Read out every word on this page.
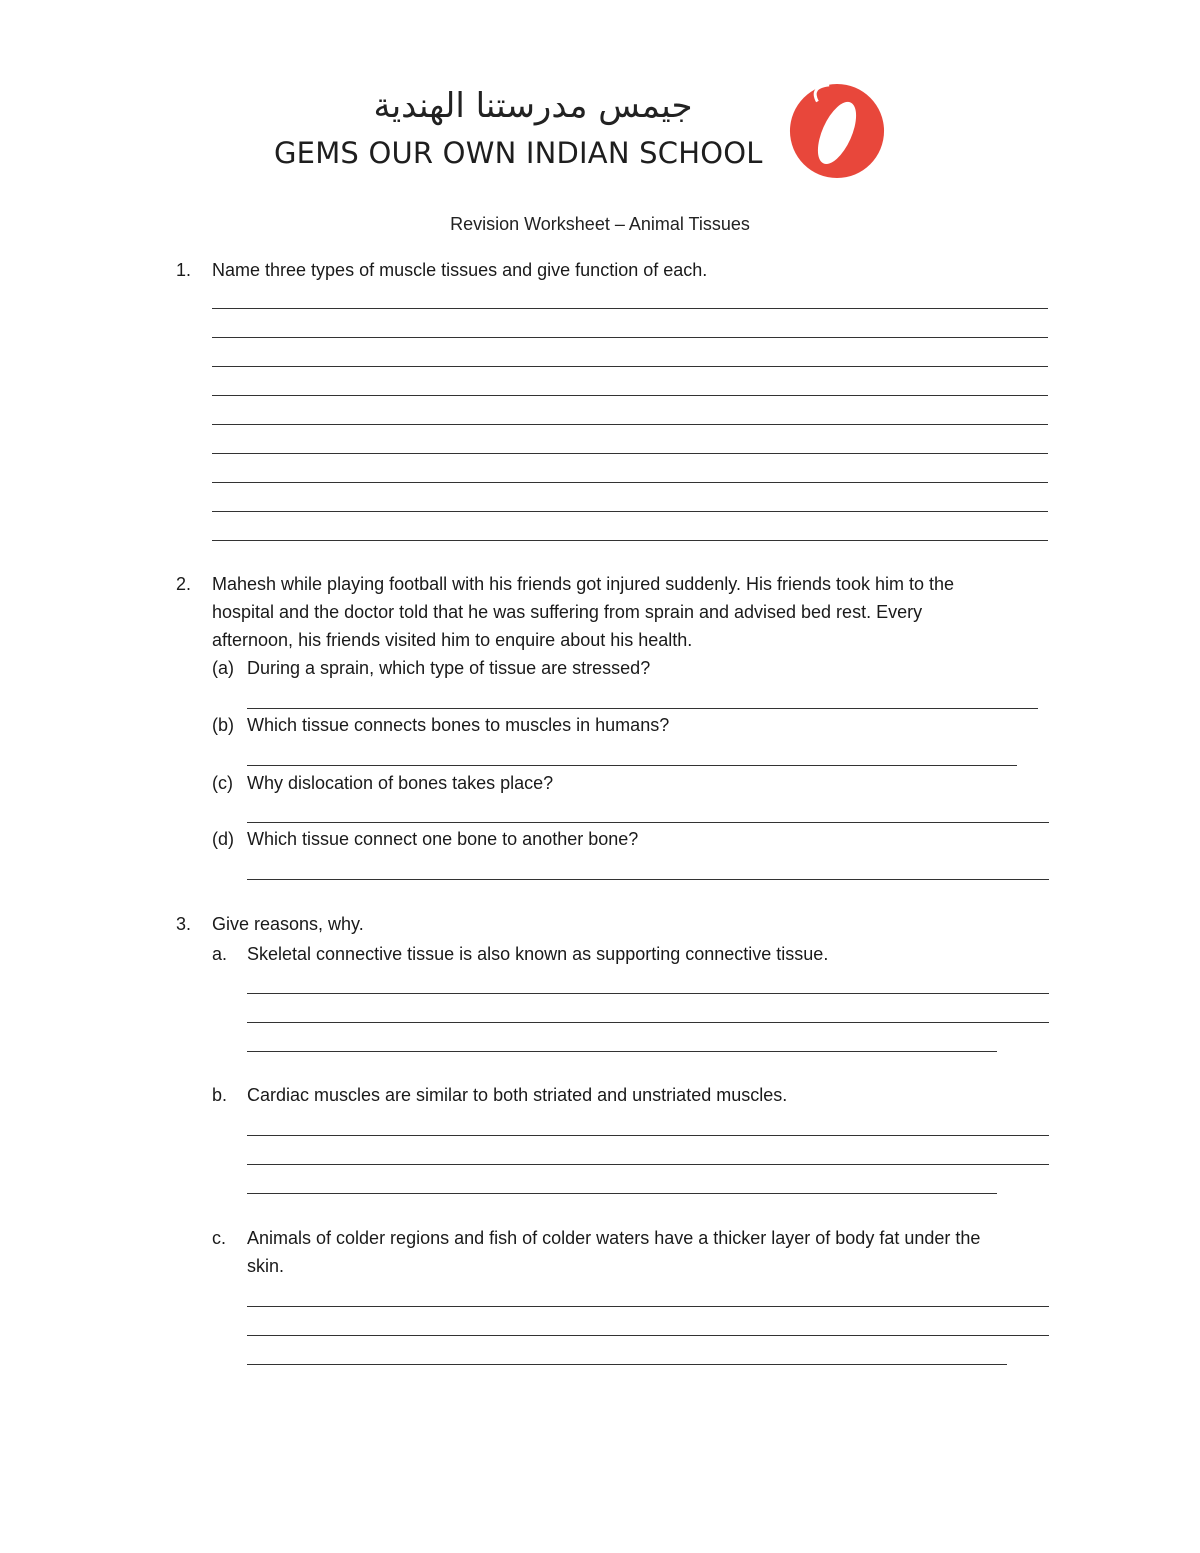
جيمس مدرستنا الهندية
GEMS OUR OWN INDIAN SCHOOL
Revision Worksheet – Animal Tissues
1. Name three types of muscle tissues and give function of each.
2. Mahesh while playing football with his friends got injured suddenly. His friends took him to the
hospital and the doctor told that he was suffering from sprain and advised bed rest. Every
afternoon, his friends visited him to enquire about his health.
(a) During a sprain, which type of tissue are stressed?
(b) Which tissue connects bones to muscles in humans?
(c) Why dislocation of bones takes place?
(d) Which tissue connect one bone to another bone?
3. Give reasons, why.
a. Skeletal connective tissue is also known as supporting connective tissue.
b. Cardiac muscles are similar to both striated and unstriated muscles.
c. Animals of colder regions and fish of colder waters have a thicker layer of body fat under the
skin.
